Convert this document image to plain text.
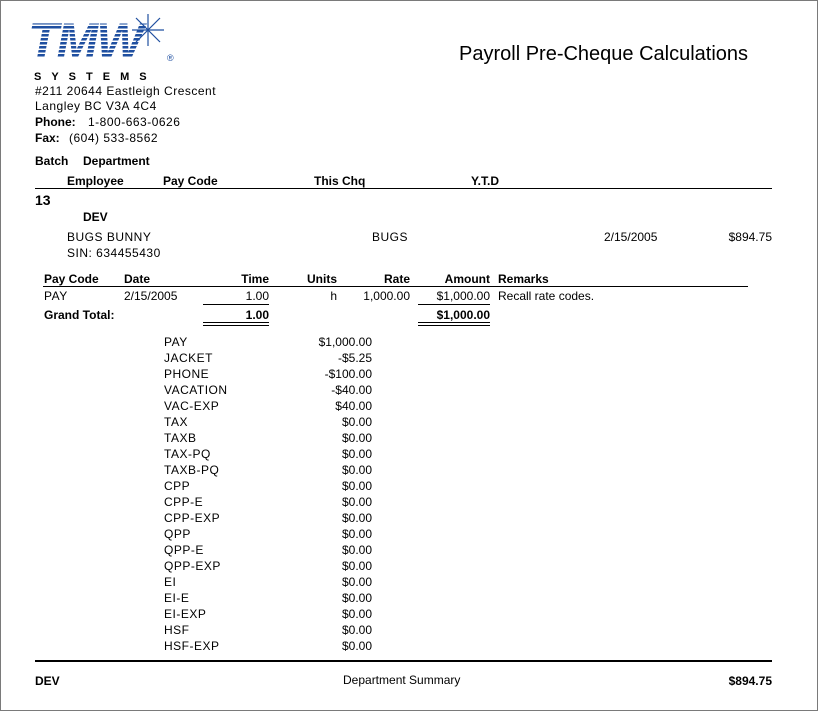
TMW	®
SYSTEMS
Payroll Pre-Cheque Calculations
#211 20644 Eastleigh Crescent
Langley BC V3A 4C4
Phone: 1-800-663-0626
Fax: (604) 533-8562
Batch Department
Employee	Pay Code	This Chq	Y.T.D
13
DEV
BUGS BUNNY	BUGS	2/15/2005	$894.75
SIN: 634455430
Pay Code Date	Time	Units	Rate	Amount Remarks
PAY	2/15/2005	1.00	h	1,000.00	$1,000.00 Recall rate codes.
Grand Total:	1.00	$1,000.00
PAY	$1,000.00
JACKET	-$5.25
PHONE	-$100.00
VACATION	-$40.00
VAC-EXP	$40.00
TAX	$0.00
TAXB	$0.00
TAX-PQ	$0.00
TAXB-PQ	$0.00
CPP	$0.00
CPP-E	$0.00
CPP-EXP	$0.00
QPP	$0.00
QPP-E	$0.00
QPP-EXP	$0.00
EI	$0.00
EI-E	$0.00
EI-EXP	$0.00
HSF	$0.00
HSF-EXP	$0.00
DEV	Department Summary	$894.75
